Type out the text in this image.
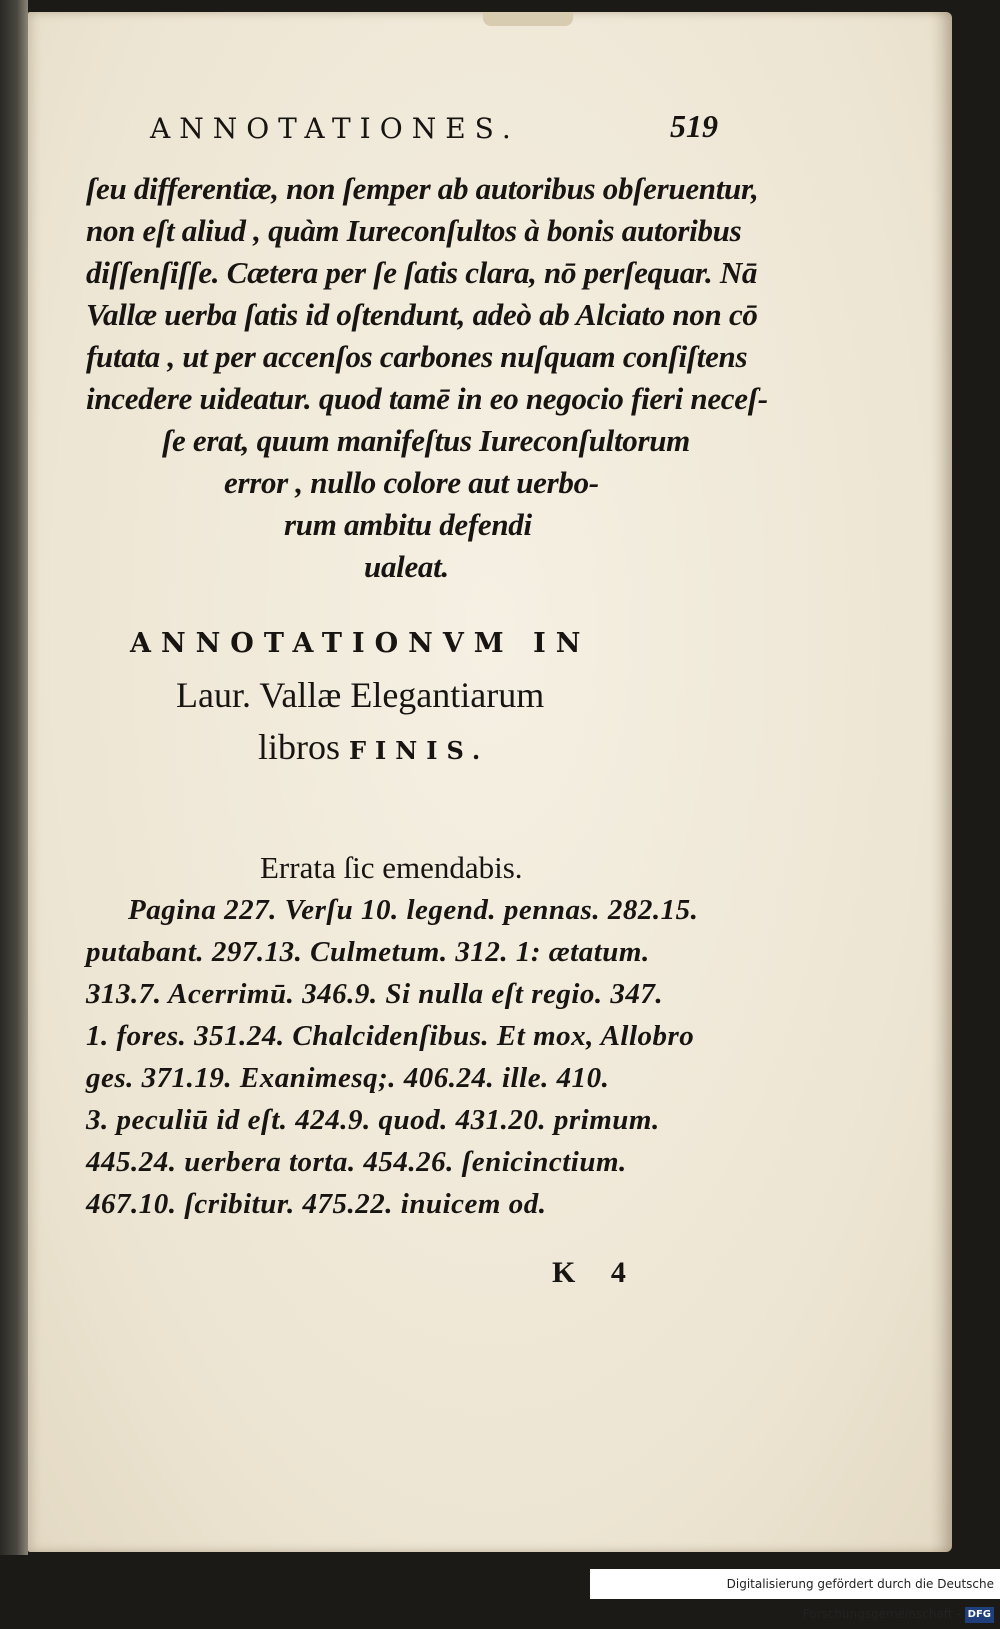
ANNOTATIONES.	519
ſeu differentiæ, non ſemper ab autoribus obſeruentur,
non eſt aliud , quàm Iureconſultos à bonis autoribus
diſſenſiſſe. Cætera per ſe ſatis clara, nō perſequar. Nā
Vallæ uerba ſatis id oſtendunt, adeò ab Alciato non cō
futata , ut per accenſos carbones nuſquam conſiſtens
incedere uideatur. quod tamē in eo negocio fieri neceſ-
ſe erat, quum manifeſtus Iureconſultorum
error , nullo colore aut uerbo-
rum ambitu defendi
ualeat.
ANNOTATIONVM IN
Laur. Vallæ Elegantiarum
libros FINIS.
Errata ſic emendabis.
Pagina 227. Verſu 10. legend. pennas. 282.15.
putabant. 297.13. Culmetum. 312. 1: ætatum.
313.7. Acerrimū. 346.9. Si nulla eſt regio. 347.
1. fores. 351.24. Chalcidenſibus. Et mox, Allobro
ges. 371.19. Exanimesq;. 406.24. ille. 410.
3. peculiū id eſt. 424.9. quod. 431.20. primum.
445.24. uerbera torta. 454.26. ſenicinctium.
467.10. ſcribitur. 475.22. inuicem od.
K 4
Digitalisierung gefördert durch die Deutsche Forschungsgemeinschaft - DFG
